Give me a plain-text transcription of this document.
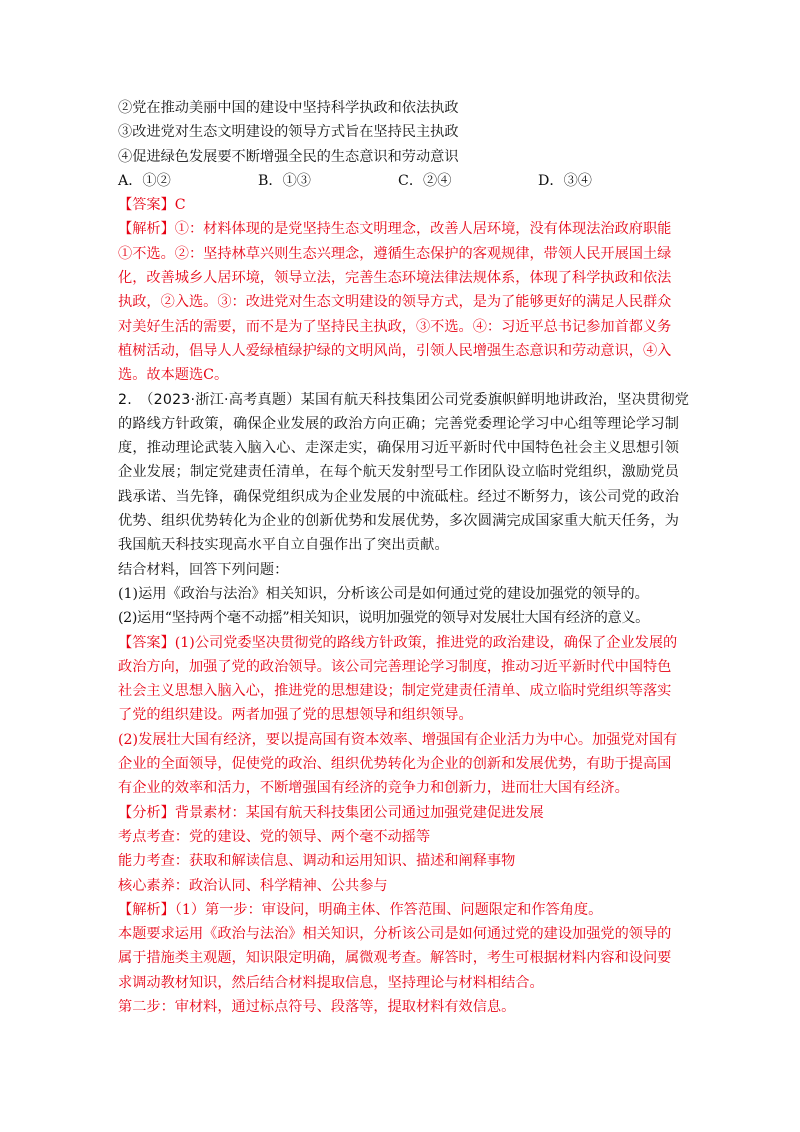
②党在推动美丽中国的建设中坚持科学执政和依法执政
③改进党对生态文明建设的领导方式旨在坚持民主执政
④促进绿色发展要不断增强全民的生态意识和劳动意识
A．①②	B．①③	C．②④	D．③④
【答案】C
【解析】①：材料体现的是党坚持生态文明理念，改善人居环境，没有体现法治政府职能
①不选。②：坚持林草兴则生态兴理念，遵循生态保护的客观规律，带领人民开展国土绿
化，改善城乡人居环境，领导立法，完善生态环境法律法规体系，体现了科学执政和依法
执政，②入选。③：改进党对生态文明建设的领导方式，是为了能够更好的满足人民群众
对美好生活的需要，而不是为了坚持民主执政，③不选。④：习近平总书记参加首都义务
植树活动，倡导人人爱绿植绿护绿的文明风尚，引领人民增强生态意识和劳动意识，④入
选。故本题选C。
2.　（2023·浙江·高考真题）某国有航天科技集团公司党委旗帜鲜明地讲政治，坚决贯彻党
的路线方针政策，确保企业发展的政治方向正确；完善党委理论学习中心组等理论学习制
度，推动理论武装入脑入心、走深走实，确保用习近平新时代中国特色社会主义思想引领
企业发展；制定党建责任清单，在每个航天发射型号工作团队设立临时党组织，激励党员
践承诺、当先锋，确保党组织成为企业发展的中流砥柱。经过不断努力，该公司党的政治
优势、组织优势转化为企业的创新优势和发展优势，多次圆满完成国家重大航天任务，为
我国航天科技实现高水平自立自强作出了突出贡献。
结合材料，回答下列问题：
(1)运用《政治与法治》相关知识，分析该公司是如何通过党的建设加强党的领导的。
(2)运用“坚持两个毫不动摇”相关知识，说明加强党的领导对发展壮大国有经济的意义。
【答案】(1)公司党委坚决贯彻党的路线方针政策，推进党的政治建设，确保了企业发展的
政治方向，加强了党的政治领导。该公司完善理论学习制度，推动习近平新时代中国特色
社会主义思想入脑入心，推进党的思想建设；制定党建责任清单、成立临时党组织等落实
了党的组织建设。两者加强了党的思想领导和组织领导。
(2)发展壮大国有经济，要以提高国有资本效率、增强国有企业活力为中心。加强党对国有
企业的全面领导，促使党的政治、组织优势转化为企业的创新和发展优势，有助于提高国
有企业的效率和活力，不断增强国有经济的竞争力和创新力，进而壮大国有经济。
【分析】背景素材：某国有航天科技集团公司通过加强党建促进发展
考点考查：党的建设、党的领导、两个毫不动摇等
能力考查：获取和解读信息、调动和运用知识、描述和阐释事物
核心素养：政治认同、科学精神、公共参与
【解析】（1）第一步：审设问，明确主体、作答范围、问题限定和作答角度。
本题要求运用《政治与法治》相关知识，分析该公司是如何通过党的建设加强党的领导的
属于措施类主观题，知识限定明确，属微观考查。解答时，考生可根据材料内容和设问要
求调动教材知识，然后结合材料提取信息，坚持理论与材料相结合。
第二步：审材料，通过标点符号、段落等，提取材料有效信息。
